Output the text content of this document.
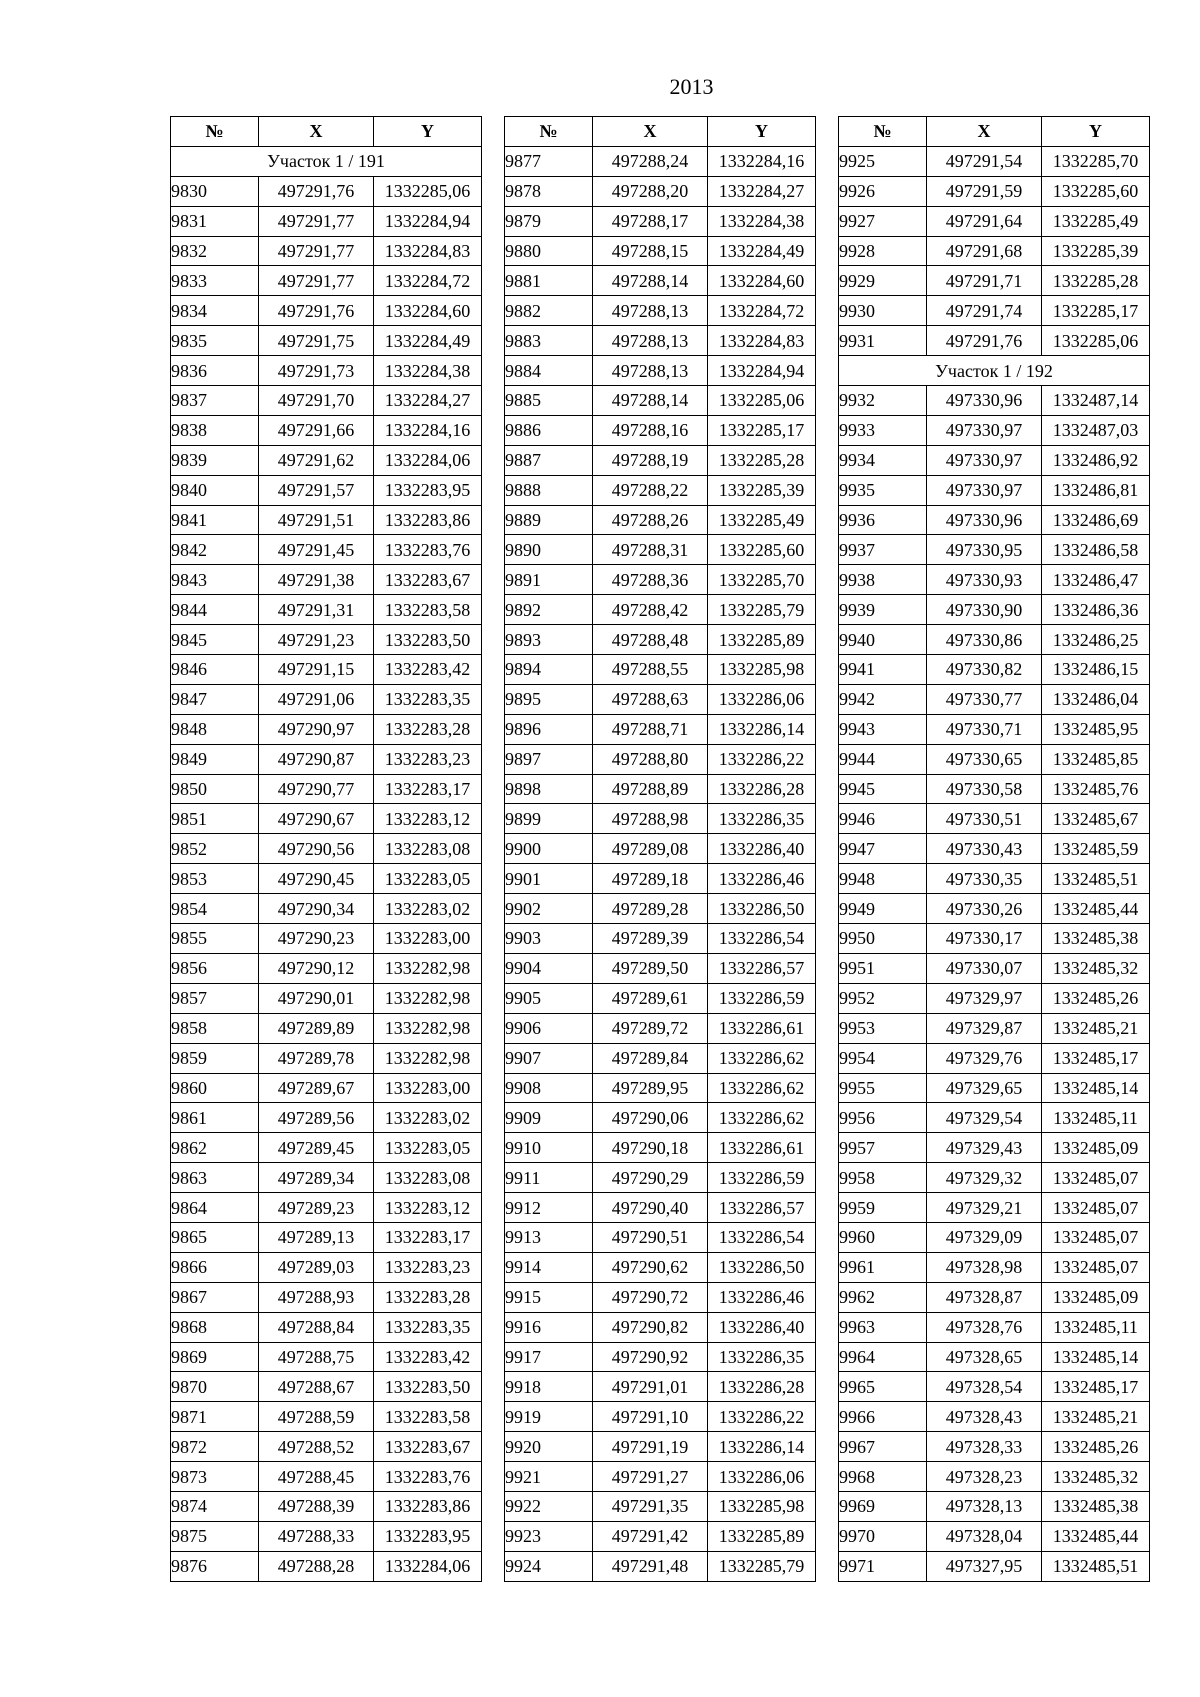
2013
№	X	Y
Участок 1 / 191		
9830	497291,76	1332285,06
9831	497291,77	1332284,94
9832	497291,77	1332284,83
9833	497291,77	1332284,72
9834	497291,76	1332284,60
9835	497291,75	1332284,49
9836	497291,73	1332284,38
9837	497291,70	1332284,27
9838	497291,66	1332284,16
9839	497291,62	1332284,06
9840	497291,57	1332283,95
9841	497291,51	1332283,86
9842	497291,45	1332283,76
9843	497291,38	1332283,67
9844	497291,31	1332283,58
9845	497291,23	1332283,50
9846	497291,15	1332283,42
9847	497291,06	1332283,35
9848	497290,97	1332283,28
9849	497290,87	1332283,23
9850	497290,77	1332283,17
9851	497290,67	1332283,12
9852	497290,56	1332283,08
9853	497290,45	1332283,05
9854	497290,34	1332283,02
9855	497290,23	1332283,00
9856	497290,12	1332282,98
9857	497290,01	1332282,98
9858	497289,89	1332282,98
9859	497289,78	1332282,98
9860	497289,67	1332283,00
9861	497289,56	1332283,02
9862	497289,45	1332283,05
9863	497289,34	1332283,08
9864	497289,23	1332283,12
9865	497289,13	1332283,17
9866	497289,03	1332283,23
9867	497288,93	1332283,28
9868	497288,84	1332283,35
9869	497288,75	1332283,42
9870	497288,67	1332283,50
9871	497288,59	1332283,58
9872	497288,52	1332283,67
9873	497288,45	1332283,76
9874	497288,39	1332283,86
9875	497288,33	1332283,95
9876	497288,28	1332284,06
№	X	Y
9877	497288,24	1332284,16
9878	497288,20	1332284,27
9879	497288,17	1332284,38
9880	497288,15	1332284,49
9881	497288,14	1332284,60
9882	497288,13	1332284,72
9883	497288,13	1332284,83
9884	497288,13	1332284,94
9885	497288,14	1332285,06
9886	497288,16	1332285,17
9887	497288,19	1332285,28
9888	497288,22	1332285,39
9889	497288,26	1332285,49
9890	497288,31	1332285,60
9891	497288,36	1332285,70
9892	497288,42	1332285,79
9893	497288,48	1332285,89
9894	497288,55	1332285,98
9895	497288,63	1332286,06
9896	497288,71	1332286,14
9897	497288,80	1332286,22
9898	497288,89	1332286,28
9899	497288,98	1332286,35
9900	497289,08	1332286,40
9901	497289,18	1332286,46
9902	497289,28	1332286,50
9903	497289,39	1332286,54
9904	497289,50	1332286,57
9905	497289,61	1332286,59
9906	497289,72	1332286,61
9907	497289,84	1332286,62
9908	497289,95	1332286,62
9909	497290,06	1332286,62
9910	497290,18	1332286,61
9911	497290,29	1332286,59
9912	497290,40	1332286,57
9913	497290,51	1332286,54
9914	497290,62	1332286,50
9915	497290,72	1332286,46
9916	497290,82	1332286,40
9917	497290,92	1332286,35
9918	497291,01	1332286,28
9919	497291,10	1332286,22
9920	497291,19	1332286,14
9921	497291,27	1332286,06
9922	497291,35	1332285,98
9923	497291,42	1332285,89
9924	497291,48	1332285,79
№	X	Y
9925	497291,54	1332285,70
9926	497291,59	1332285,60
9927	497291,64	1332285,49
9928	497291,68	1332285,39
9929	497291,71	1332285,28
9930	497291,74	1332285,17
9931	497291,76	1332285,06
Участок 1 / 192		
9932	497330,96	1332487,14
9933	497330,97	1332487,03
9934	497330,97	1332486,92
9935	497330,97	1332486,81
9936	497330,96	1332486,69
9937	497330,95	1332486,58
9938	497330,93	1332486,47
9939	497330,90	1332486,36
9940	497330,86	1332486,25
9941	497330,82	1332486,15
9942	497330,77	1332486,04
9943	497330,71	1332485,95
9944	497330,65	1332485,85
9945	497330,58	1332485,76
9946	497330,51	1332485,67
9947	497330,43	1332485,59
9948	497330,35	1332485,51
9949	497330,26	1332485,44
9950	497330,17	1332485,38
9951	497330,07	1332485,32
9952	497329,97	1332485,26
9953	497329,87	1332485,21
9954	497329,76	1332485,17
9955	497329,65	1332485,14
9956	497329,54	1332485,11
9957	497329,43	1332485,09
9958	497329,32	1332485,07
9959	497329,21	1332485,07
9960	497329,09	1332485,07
9961	497328,98	1332485,07
9962	497328,87	1332485,09
9963	497328,76	1332485,11
9964	497328,65	1332485,14
9965	497328,54	1332485,17
9966	497328,43	1332485,21
9967	497328,33	1332485,26
9968	497328,23	1332485,32
9969	497328,13	1332485,38
9970	497328,04	1332485,44
9971	497327,95	1332485,51
